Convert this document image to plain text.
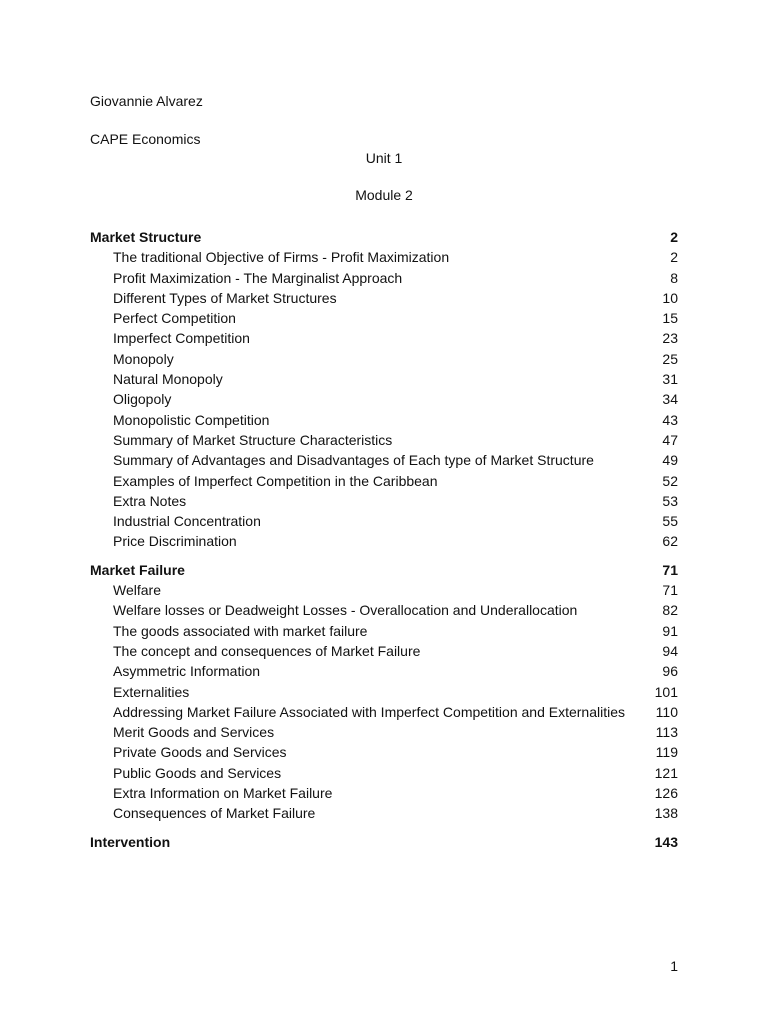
Giovannie Alvarez
CAPE Economics
Unit 1
Module 2
Market Structure	2
The traditional Objective of Firms - Profit Maximization	2
Profit Maximization - The Marginalist Approach	8
Different Types of Market Structures	10
Perfect Competition	15
Imperfect Competition	23
Monopoly	25
Natural Monopoly	31
Oligopoly	34
Monopolistic Competition	43
Summary of Market Structure Characteristics	47
Summary of Advantages and Disadvantages of Each type of Market Structure	49
Examples of Imperfect Competition in the Caribbean	52
Extra Notes	53
Industrial Concentration	55
Price Discrimination	62
Market Failure	71
Welfare	71
Welfare losses or Deadweight Losses - Overallocation and Underallocation	82
The goods associated with market failure	91
The concept and consequences of Market Failure	94
Asymmetric Information	96
Externalities	101
Addressing Market Failure Associated with Imperfect Competition and Externalities 110
Merit Goods and Services	113
Private Goods and Services	119
Public Goods and Services	121
Extra Information on Market Failure	126
Consequences of Market Failure	138
Intervention	143
1
